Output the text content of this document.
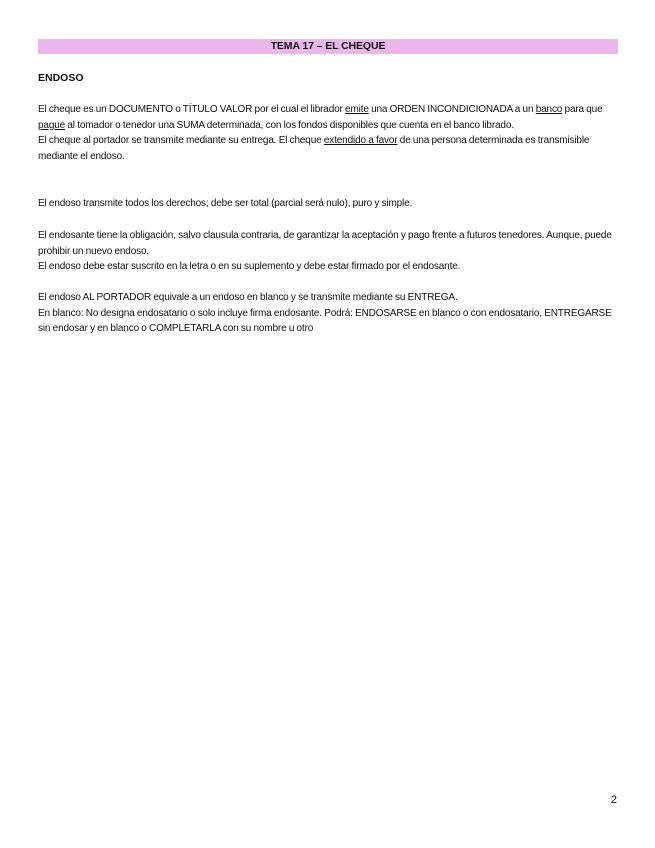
TEMA 17 – EL CHEQUE
ENDOSO

El cheque es un DOCUMENTO o TÍTULO VALOR por el cual el librador emite una ORDEN INCONDICIONADA a un banco para que pague al tomador o tenedor una SUMA determinada, con los fondos disponibles que cuenta en el banco librado.

El cheque al portador se transmite mediante su entrega. El cheque extendido a favor de una persona determinada es transmisible mediante el endoso.

El endoso transmite todos los derechos; debe ser total (parcial será nulo), puro y simple.

El endosante tiene la obligación, salvo clausula contraria, de garantizar la aceptación y pago frente a futuros tenedores. Aunque, puede prohibir un nuevo endoso.

El endoso debe estar suscrito en la letra o en su suplemento y debe estar firmado por el endosante.

El endoso AL PORTADOR equivale a un endoso en blanco y se transmite mediante su ENTREGA.

En blanco: No designa endosatario o solo incluye firma endosante. Podrá: ENDOSARSE en blanco o con endosatario, ENTREGARSE sin endosar y en blanco o COMPLETARLA con su nombre u otro

2
